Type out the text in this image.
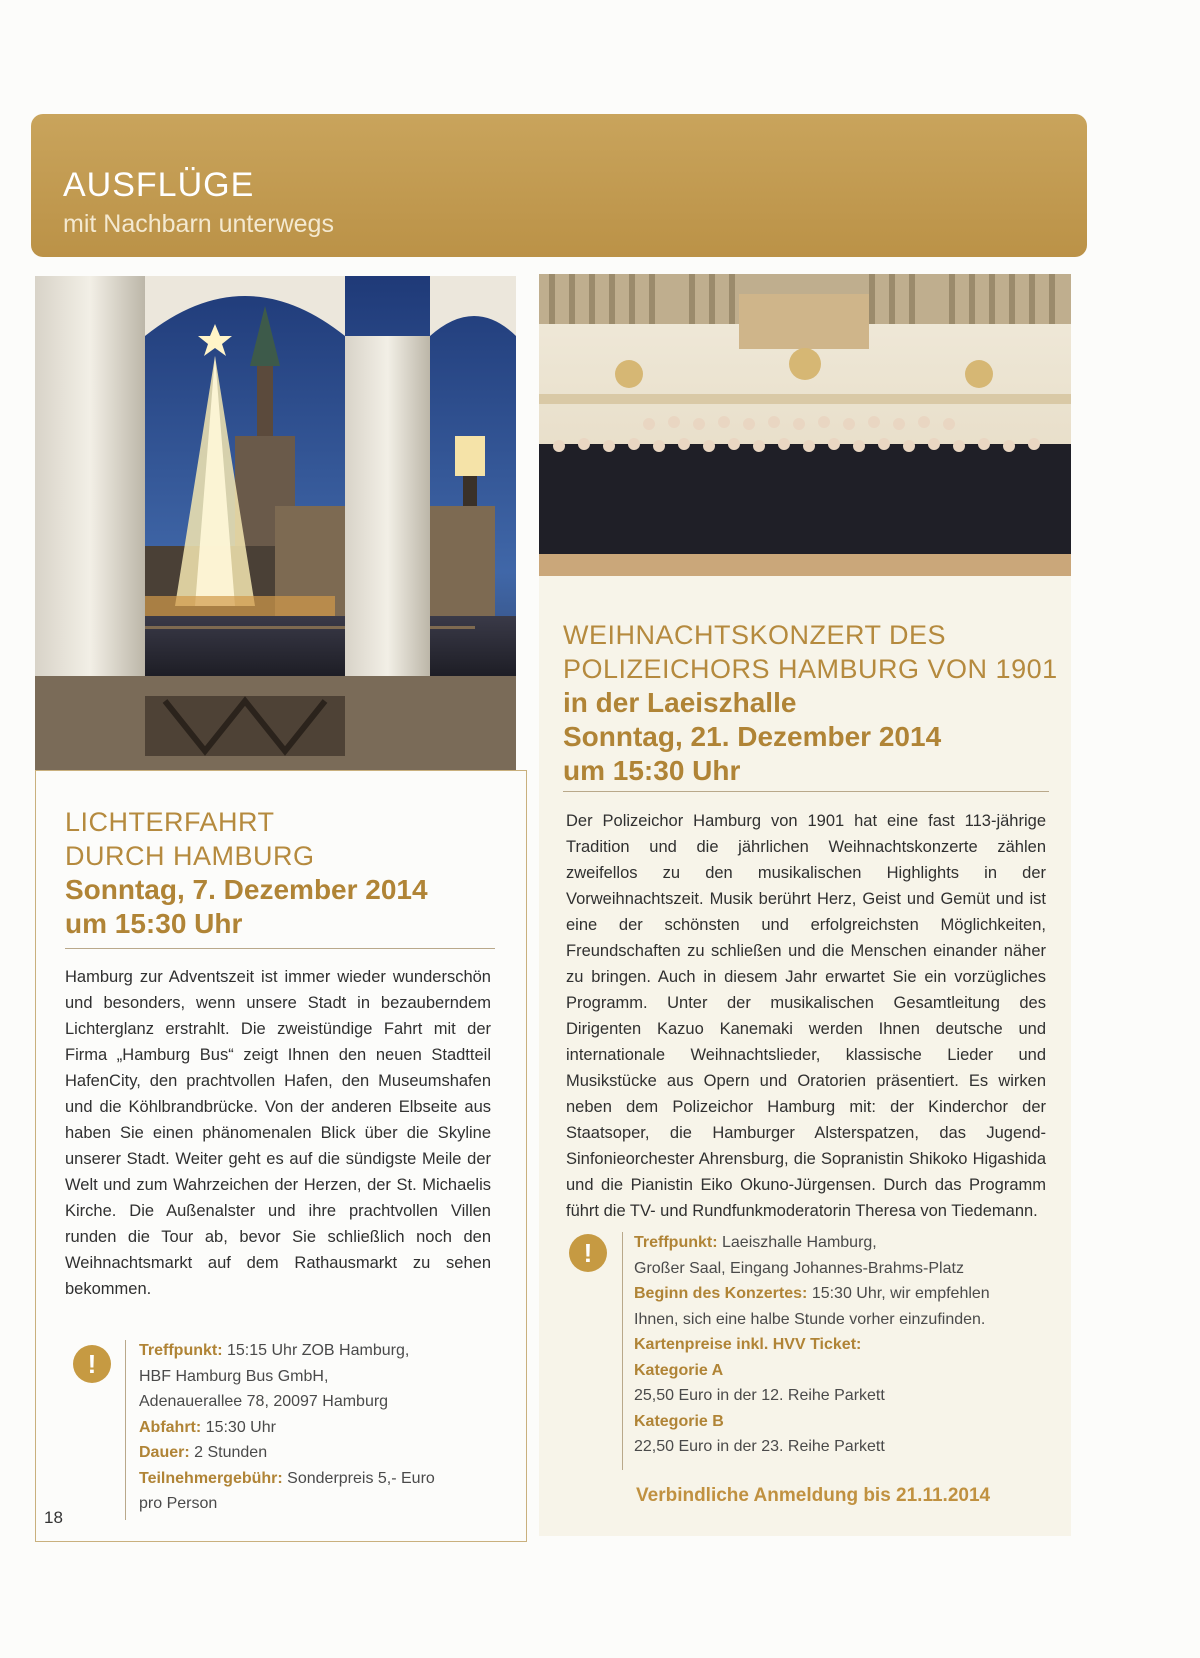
AUSFLÜGE
mit Nachbarn unterwegs
LICHTERFAHRT
DURCH HAMBURG
Sonntag, 7. Dezember 2014
um 15:30 Uhr
Hamburg zur Adventszeit ist immer wieder wunderschön und besonders, wenn unsere Stadt in bezauberndem Lichterglanz erstrahlt. Die zweistündige Fahrt mit der Firma „Hamburg Bus“ zeigt Ihnen den neuen Stadtteil HafenCity, den prachtvollen Hafen, den Museumshafen und die Köhlbrandbrücke. Von der anderen Elbseite aus haben Sie einen phänomenalen Blick über die Skyline unserer Stadt. Weiter geht es auf die sündigste Meile der Welt und zum Wahrzeichen der Herzen, der St. Michaelis Kirche. Die Außenalster und ihre prachtvollen Villen runden die Tour ab, bevor Sie schließlich noch den Weihnachtsmarkt auf dem Rathausmarkt zu sehen bekommen.
!	Treffpunkt: 15:15 Uhr ZOB Hamburg,
HBF Hamburg Bus GmbH,
Adenauerallee 78, 20097 Hamburg
Abfahrt: 15:30 Uhr
Dauer: 2 Stunden
Teilnehmergebühr: Sonderpreis 5,- Euro
pro Person
WEIHNACHTSKONZERT DES
POLIZEICHORS HAMBURG VON 1901
in der Laeiszhalle
Sonntag, 21. Dezember 2014
um 15:30 Uhr
Der Polizeichor Hamburg von 1901 hat eine fast 113-jährige Tradition und die jährlichen Weihnachtskonzerte zählen zweifellos zu den musikalischen Highlights in der Vorweihnachtszeit. Musik berührt Herz, Geist und Gemüt und ist eine der schönsten und erfolgreichsten Möglichkeiten, Freundschaften zu schließen und die Menschen einander näher zu bringen. Auch in diesem Jahr erwartet Sie ein vorzügliches Programm. Unter der musikalischen Gesamtleitung des Dirigenten Kazuo Kanemaki werden Ihnen deutsche und internationale Weihnachtslieder, klassische Lieder und Musikstücke aus Opern und Oratorien präsentiert. Es wirken neben dem Polizeichor Hamburg mit: der Kinderchor der Staatsoper, die Hamburger Alsterspatzen, das Jugend-Sinfonieorchester Ahrensburg, die Sopranistin Shikoko Higashida und die Pianistin Eiko Okuno-Jürgensen. Durch das Programm führt die TV- und Rundfunkmoderatorin Theresa von Tiedemann.
!	Treffpunkt: Laeiszhalle Hamburg,
Großer Saal, Eingang Johannes-Brahms-Platz
Beginn des Konzertes: 15:30 Uhr, wir empfehlen
Ihnen, sich eine halbe Stunde vorher einzufinden.
Kartenpreise inkl. HVV Ticket:
Kategorie A
25,50 Euro in der 12. Reihe Parkett
Kategorie B
22,50 Euro in der 23. Reihe Parkett
Verbindliche Anmeldung bis 21.11.2014
18
